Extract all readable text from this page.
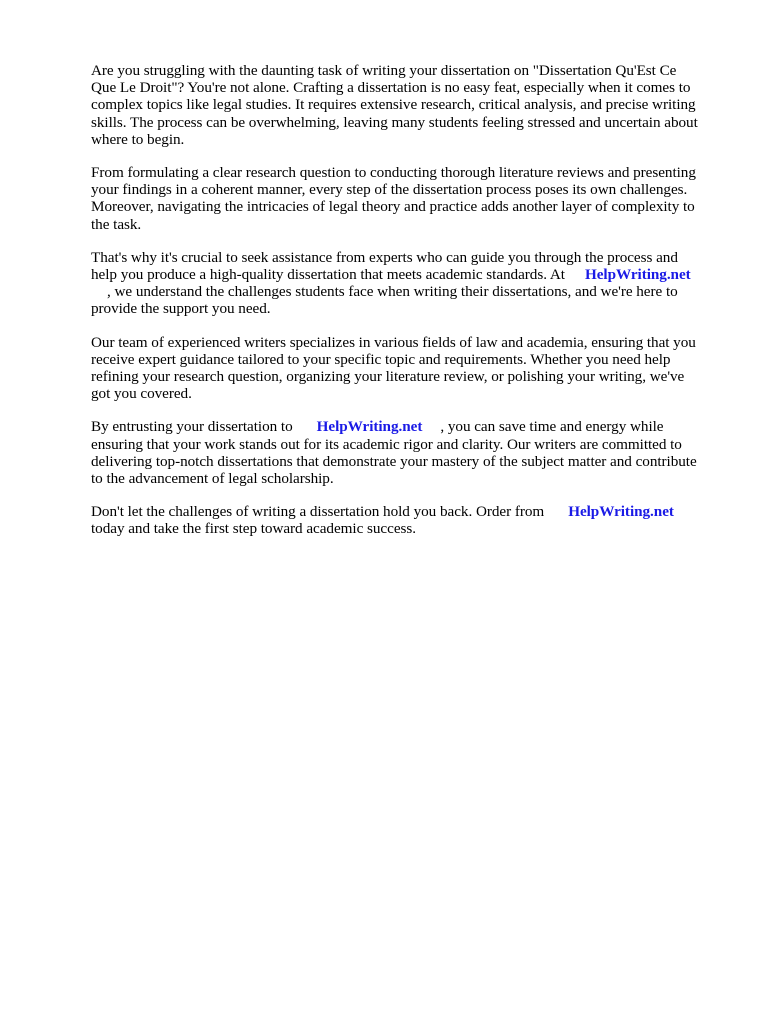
Are you struggling with the daunting task of writing your dissertation on "Dissertation Qu'Est Ce
Que Le Droit"? You're not alone. Crafting a dissertation is no easy feat, especially when it comes to
complex topics like legal studies. It requires extensive research, critical analysis, and precise writing
skills. The process can be overwhelming, leaving many students feeling stressed and uncertain about
where to begin.

From formulating a clear research question to conducting thorough literature reviews and presenting
your findings in a coherent manner, every step of the dissertation process poses its own challenges.
Moreover, navigating the intricacies of legal theory and practice adds another layer of complexity to
the task.

That's why it's crucial to seek assistance from experts who can guide you through the process and
help you produce a high-quality dissertation that meets academic standards. At HelpWriting.net
, we understand the challenges students face when writing their dissertations, and we're here to
provide the support you need.

Our team of experienced writers specializes in various fields of law and academia, ensuring that you
receive expert guidance tailored to your specific topic and requirements. Whether you need help
refining your research question, organizing your literature review, or polishing your writing, we've
got you covered.

By entrusting your dissertation to HelpWriting.net , you can save time and energy while
ensuring that your work stands out for its academic rigor and clarity. Our writers are committed to
delivering top-notch dissertations that demonstrate your mastery of the subject matter and contribute
to the advancement of legal scholarship.

Don't let the challenges of writing a dissertation hold you back. Order from HelpWriting.net
today and take the first step toward academic success.
